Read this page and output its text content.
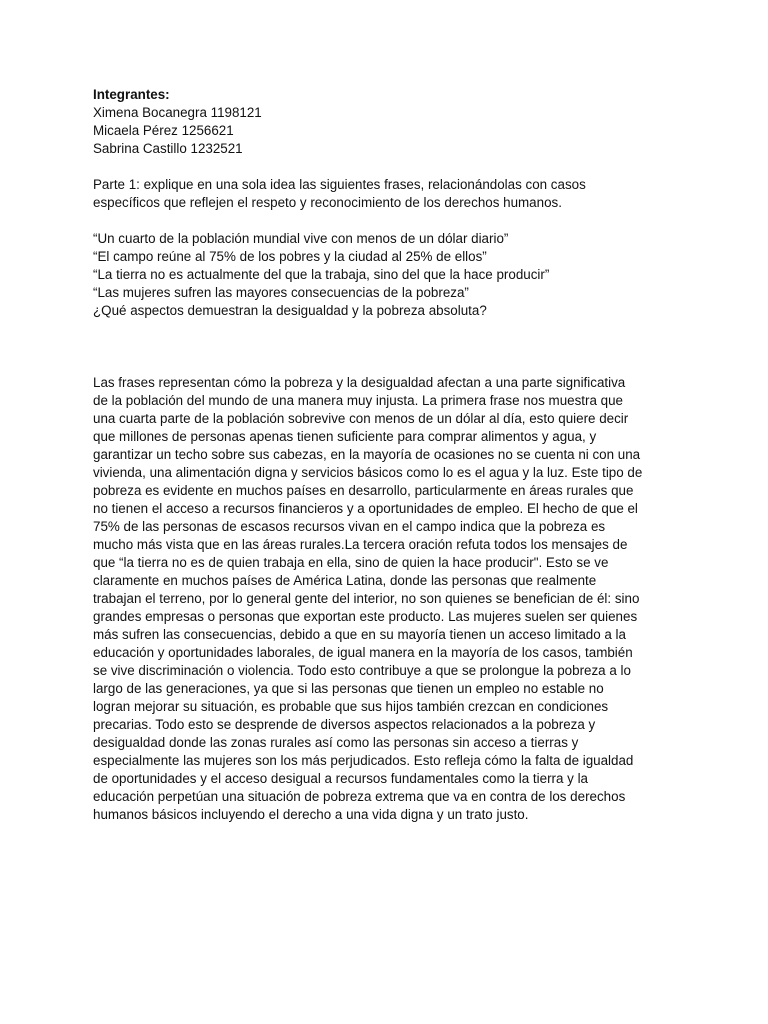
Integrantes:
Ximena Bocanegra 1198121
Micaela Pérez 1256621
Sabrina Castillo 1232521
Parte 1: explique en una sola idea las siguientes frases, relacionándolas con casos
específicos que reflejen el respeto y reconocimiento de los derechos humanos.
“Un cuarto de la población mundial vive con menos de un dólar diario”
“El campo reúne al 75% de los pobres y la ciudad al 25% de ellos”
“La tierra no es actualmente del que la trabaja, sino del que la hace producir”
“Las mujeres sufren las mayores consecuencias de la pobreza”
¿Qué aspectos demuestran la desigualdad y la pobreza absoluta?
Las frases representan cómo la pobreza y la desigualdad afectan a una parte significativa
de la población del mundo de una manera muy injusta. La primera frase nos muestra que
una cuarta parte de la población sobrevive con menos de un dólar al día, esto quiere decir
que millones de personas apenas tienen suficiente para comprar alimentos y agua, y
garantizar un techo sobre sus cabezas, en la mayoría de ocasiones no se cuenta ni con una
vivienda, una alimentación digna y servicios básicos como lo es el agua y la luz. Este tipo de
pobreza es evidente en muchos países en desarrollo, particularmente en áreas rurales que
no tienen el acceso a recursos financieros y a oportunidades de empleo. El hecho de que el
75% de las personas de escasos recursos vivan en el campo indica que la pobreza es
mucho más vista que en las áreas rurales.La tercera oración refuta todos los mensajes de
que “la tierra no es de quien trabaja en ella, sino de quien la hace producir". Esto se ve
claramente en muchos países de América Latina, donde las personas que realmente
trabajan el terreno, por lo general gente del interior, no son quienes se benefician de él: sino
grandes empresas o personas que exportan este producto. Las mujeres suelen ser quienes
más sufren las consecuencias, debido a que en su mayoría tienen un acceso limitado a la
educación y oportunidades laborales, de igual manera en la mayoría de los casos, también
se vive discriminación o violencia. Todo esto contribuye a que se prolongue la pobreza a lo
largo de las generaciones, ya que si las personas que tienen un empleo no estable no
logran mejorar su situación, es probable que sus hijos también crezcan en condiciones
precarias. Todo esto se desprende de diversos aspectos relacionados a la pobreza y
desigualdad donde las zonas rurales así como las personas sin acceso a tierras y
especialmente las mujeres son los más perjudicados. Esto refleja cómo la falta de igualdad
de oportunidades y el acceso desigual a recursos fundamentales como la tierra y la
educación perpetúan una situación de pobreza extrema que va en contra de los derechos
humanos básicos incluyendo el derecho a una vida digna y un trato justo.
